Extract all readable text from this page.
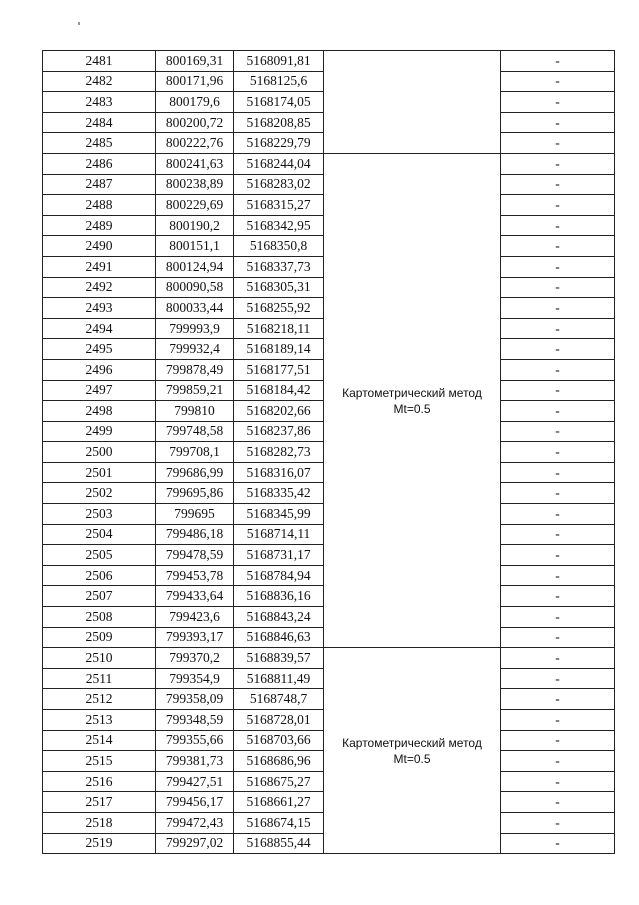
2481	800169,31	5168091,81		-
2482	800171,96	5168125,6		-
2483	800179,6	5168174,05		-
2484	800200,72	5168208,85		-
2485	800222,76	5168229,79		-
2486	800241,63	5168244,04	Картометрический метод
Mt=0.5	-
2487	800238,89	5168283,02		-
2488	800229,69	5168315,27		-
2489	800190,2	5168342,95		-
2490	800151,1	5168350,8		-
2491	800124,94	5168337,73		-
2492	800090,58	5168305,31		-
2493	800033,44	5168255,92		-
2494	799993,9	5168218,11		-
2495	799932,4	5168189,14		-
2496	799878,49	5168177,51		-
2497	799859,21	5168184,42		-
2498	799810	5168202,66		-
2499	799748,58	5168237,86		-
2500	799708,1	5168282,73		-
2501	799686,99	5168316,07		-
2502	799695,86	5168335,42		-
2503	799695	5168345,99		-
2504	799486,18	5168714,11		-
2505	799478,59	5168731,17		-
2506	799453,78	5168784,94		-
2507	799433,64	5168836,16		-
2508	799423,6	5168843,24		-
2509	799393,17	5168846,63		-
2510	799370,2	5168839,57	Картометрический метод
Mt=0.5	-
2511	799354,9	5168811,49		-
2512	799358,09	5168748,7		-
2513	799348,59	5168728,01		-
2514	799355,66	5168703,66		-
2515	799381,73	5168686,96		-
2516	799427,51	5168675,27		-
2517	799456,17	5168661,27		-
2518	799472,43	5168674,15		-
2519	799297,02	5168855,44		-
